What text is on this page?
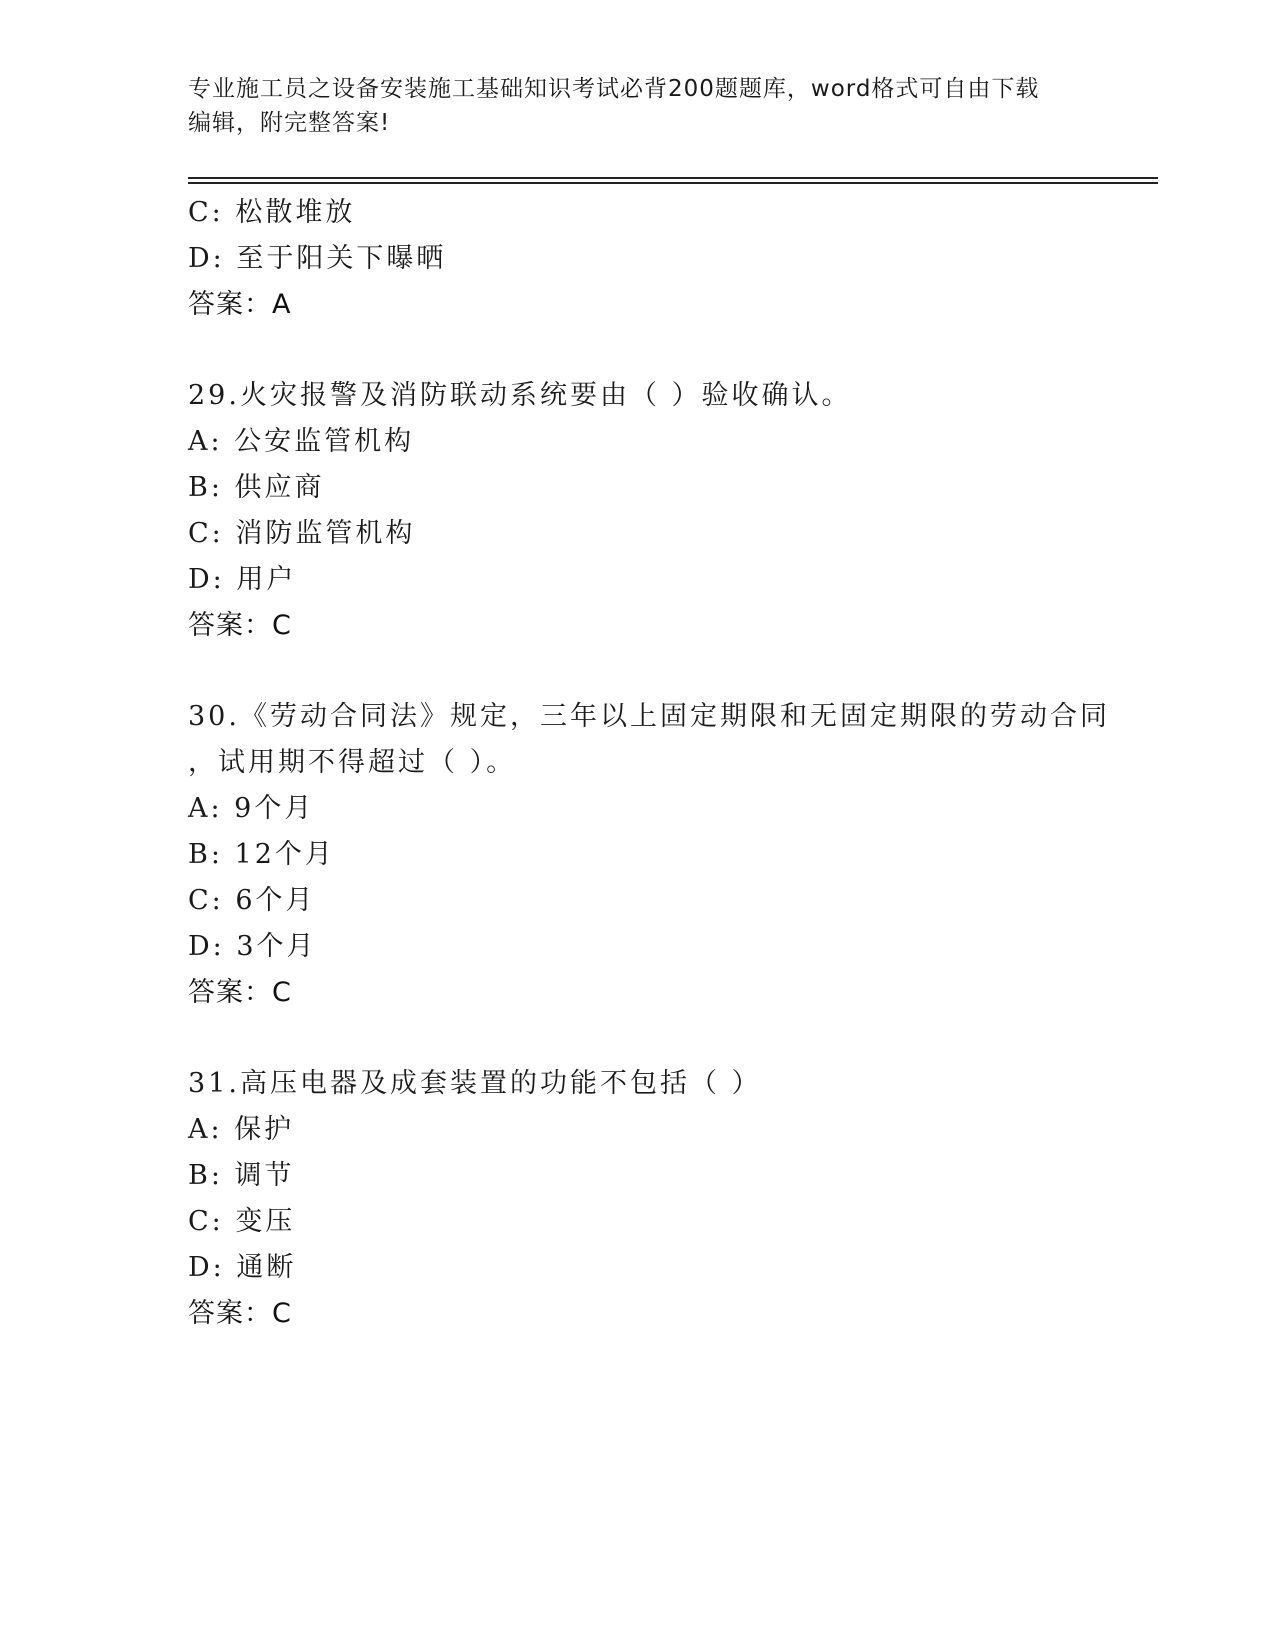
专业施工员之设备安装施工基础知识考试必背200题题库，word格式可自由下载
编辑，附完整答案!
C: 松散堆放
D: 至于阳关下曝晒
答案：A
29.火灾报警及消防联动系统要由（ ）验收确认。
A: 公安监管机构
B: 供应商
C: 消防监管机构
D: 用户
答案：C
30.《劳动合同法》规定，三年以上固定期限和无固定期限的劳动合同
，试用期不得超过（ ）。
A: 9个月
B: 12个月
C: 6个月
D: 3个月
答案：C
31.高压电器及成套装置的功能不包括（ ）
A: 保护
B: 调节
C: 变压
D: 通断
答案：C
